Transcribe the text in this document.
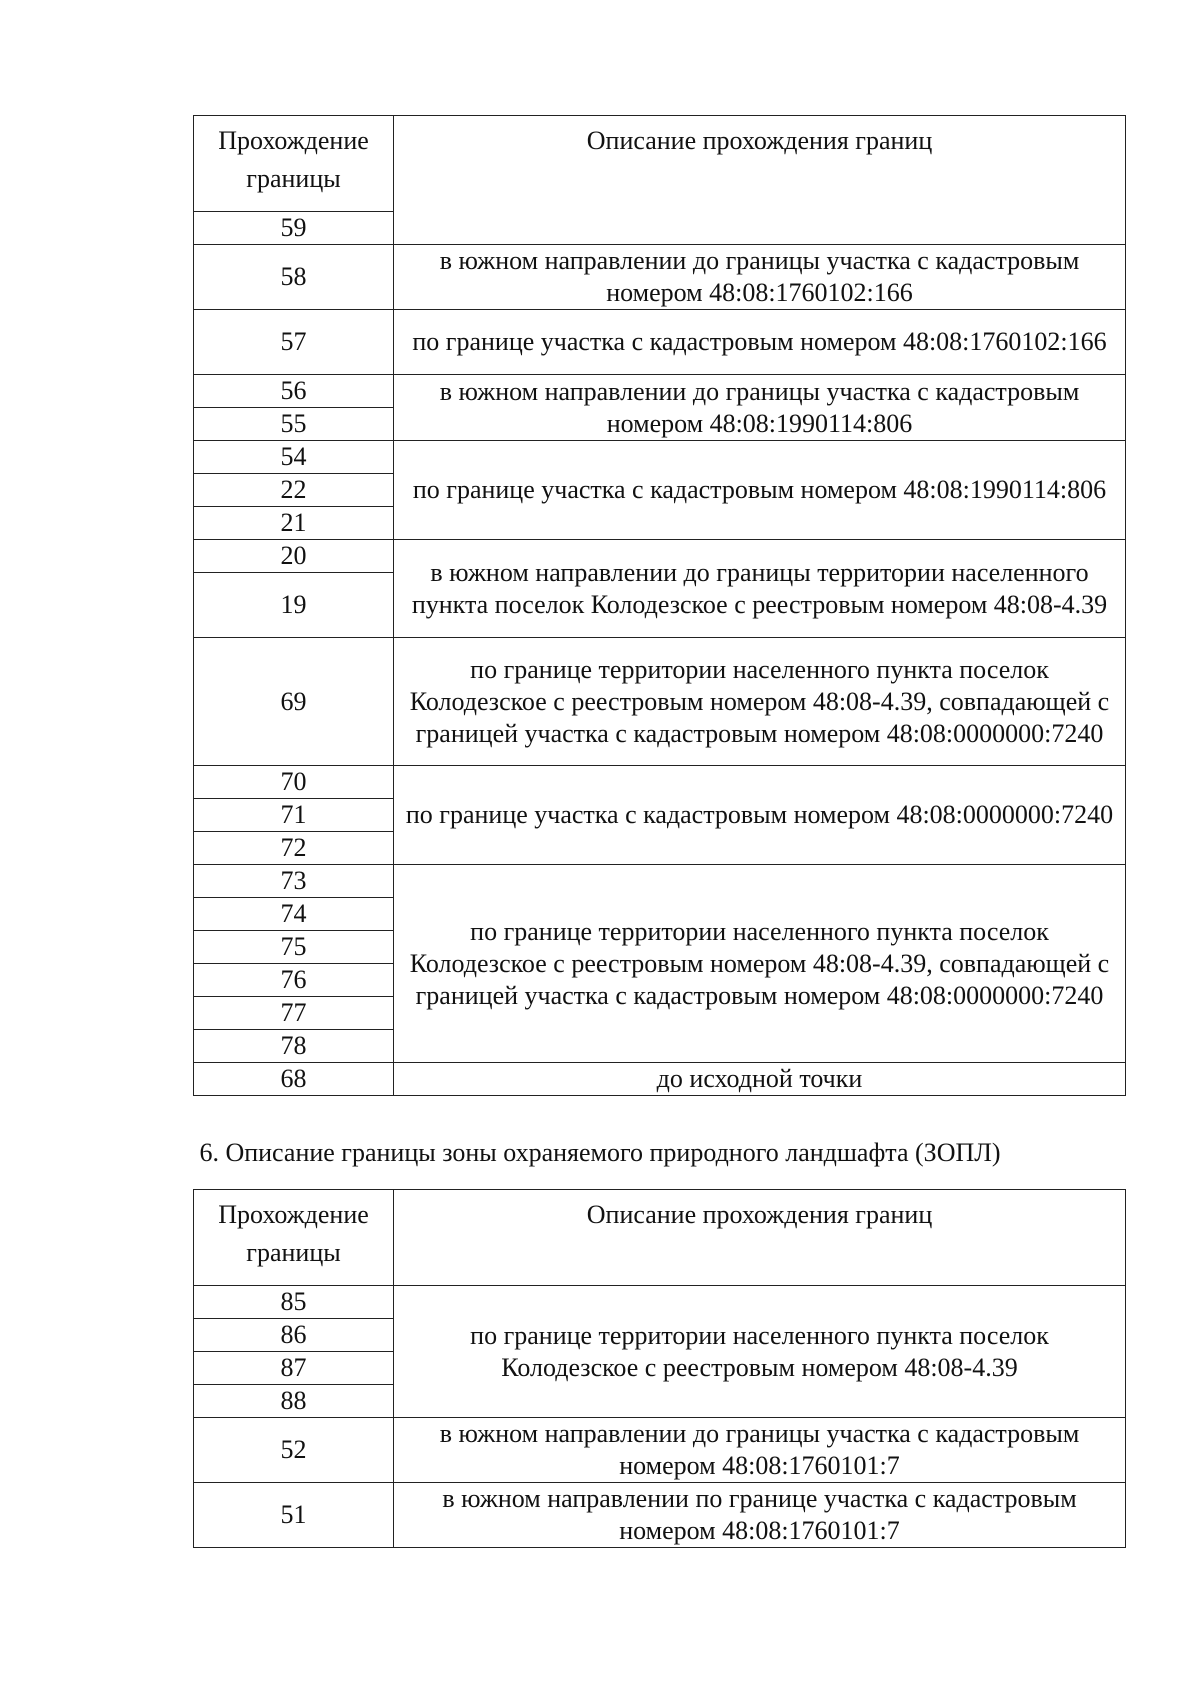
Прохождение границы	Описание прохождения границ
59	
58	в южном направлении до границы участка с кадастровым номером 48:08:1760102:166
57	по границе участка с кадастровым номером 48:08:1760102:166
56	в южном направлении до границы участка с кадастровым номером 48:08:1990114:806
55	
54	по границе участка с кадастровым номером 48:08:1990114:806
22	
21	
20	в южном направлении до границы территории населенного пункта поселок Колодезское с реестровым номером 48:08-4.39
19	
69	по границе территории населенного пункта поселок Колодезское с реестровым номером 48:08-4.39, совпадающей с границей участка с кадастровым номером 48:08:0000000:7240
70	по границе участка с кадастровым номером 48:08:0000000:7240
71	
72	
73	по границе территории населенного пункта поселок Колодезское с реестровым номером 48:08-4.39, совпадающей с границей участка с кадастровым номером 48:08:0000000:7240
74	
75	
76	
77	
78	
68	до исходной точки
6. Описание границы зоны охраняемого природного ландшафта (ЗОПЛ)
Прохождение границы	Описание прохождения границ
85	по границе территории населенного пункта поселок Колодезское с реестровым номером 48:08-4.39
86	
87	
88	
52	в южном направлении до границы участка с кадастровым номером 48:08:1760101:7
51	в южном направлении по границе участка с кадастровым номером 48:08:1760101:7
